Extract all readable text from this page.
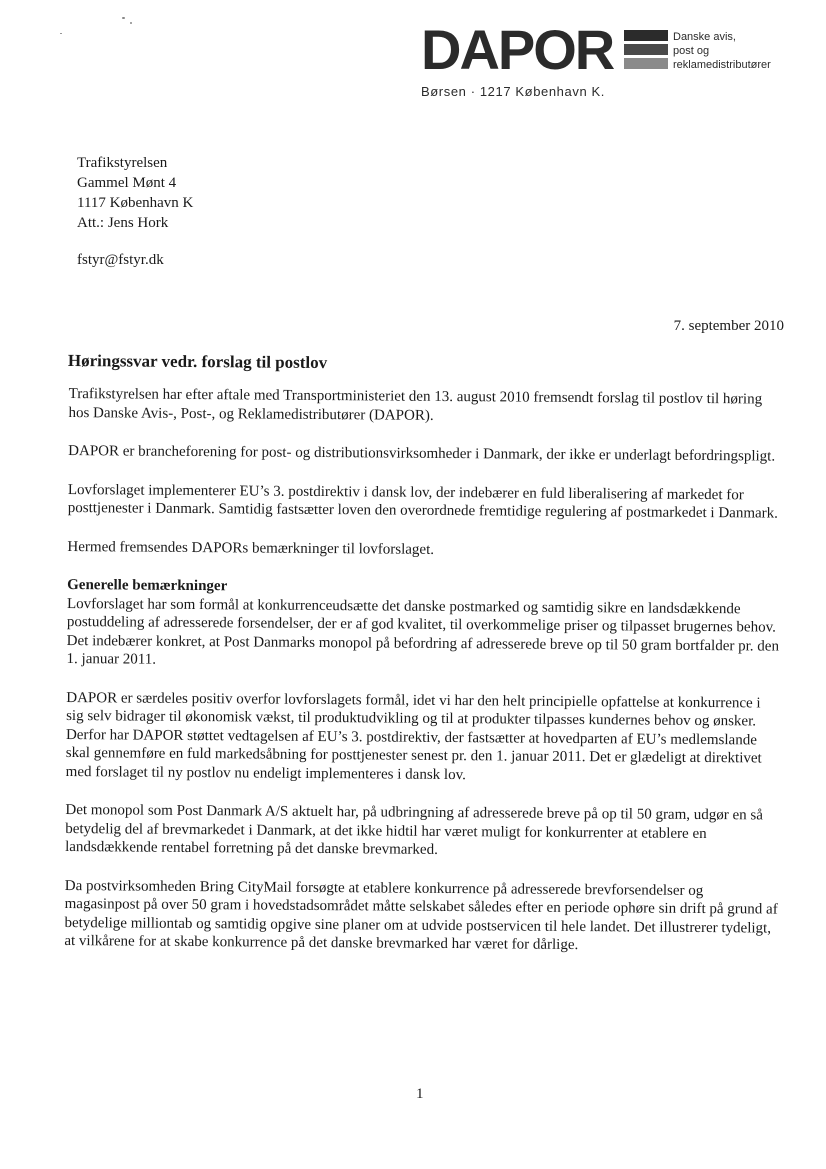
DAPOR	Danske avis,
post og
reklamedistributører
Børsen · 1217 København K.
Trafikstyrelsen
Gammel Mønt 4
1117 København K
Att.: Jens Hork
fstyr@fstyr.dk
7. september 2010
Høringssvar vedr. forslag til postlov

Trafikstyrelsen har efter aftale med Transportministeriet den 13. august 2010 fremsendt forslag til postlov til høring hos Danske Avis-, Post-, og Reklamedistributører (DAPOR).

DAPOR er brancheforening for post- og distributionsvirksomheder i Danmark, der ikke er underlagt befordringspligt.

Lovforslaget implementerer EU’s 3. postdirektiv i dansk lov, der indebærer en fuld liberalisering af markedet for posttjenester i Danmark. Samtidig fastsætter loven den overordnede fremtidige regulering af postmarkedet i Danmark.

Hermed fremsendes DAPORs bemærkninger til lovforslaget.

Generelle bemærkninger

Lovforslaget har som formål at konkurrenceudsætte det danske postmarked og samtidig sikre en landsdækkende postuddeling af adresserede forsendelser, der er af god kvalitet, til overkommelige priser og tilpasset brugernes behov. Det indebærer konkret, at Post Danmarks monopol på befordring af adresserede breve op til 50 gram bortfalder pr. den 1. januar 2011.

DAPOR er særdeles positiv overfor lovforslagets formål, idet vi har den helt principielle opfattelse at konkurrence i sig selv bidrager til økonomisk vækst, til produktudvikling og til at produkter tilpasses kundernes behov og ønsker. Derfor har DAPOR støttet vedtagelsen af EU’s 3. postdirektiv, der fastsætter at hovedparten af EU’s medlemslande skal gennemføre en fuld markedsåbning for posttjenester senest pr. den 1. januar 2011. Det er glædeligt at direktivet med forslaget til ny postlov nu endeligt implementeres i dansk lov.

Det monopol som Post Danmark A/S aktuelt har, på udbringning af adresserede breve på op til 50 gram, udgør en så betydelig del af brevmarkedet i Danmark, at det ikke hidtil har været muligt for konkurrenter at etablere en landsdækkende rentabel forretning på det danske brevmarked.

Da postvirksomheden Bring CityMail forsøgte at etablere konkurrence på adresserede brevforsendelser og magasinpost på over 50 gram i hovedstadsområdet måtte selskabet således efter en periode ophøre sin drift på grund af betydelige milliontab og samtidig opgive sine planer om at udvide postservicen til hele landet. Det illustrerer tydeligt, at vilkårene for at skabe konkurrence på det danske brevmarked har været for dårlige.

1
